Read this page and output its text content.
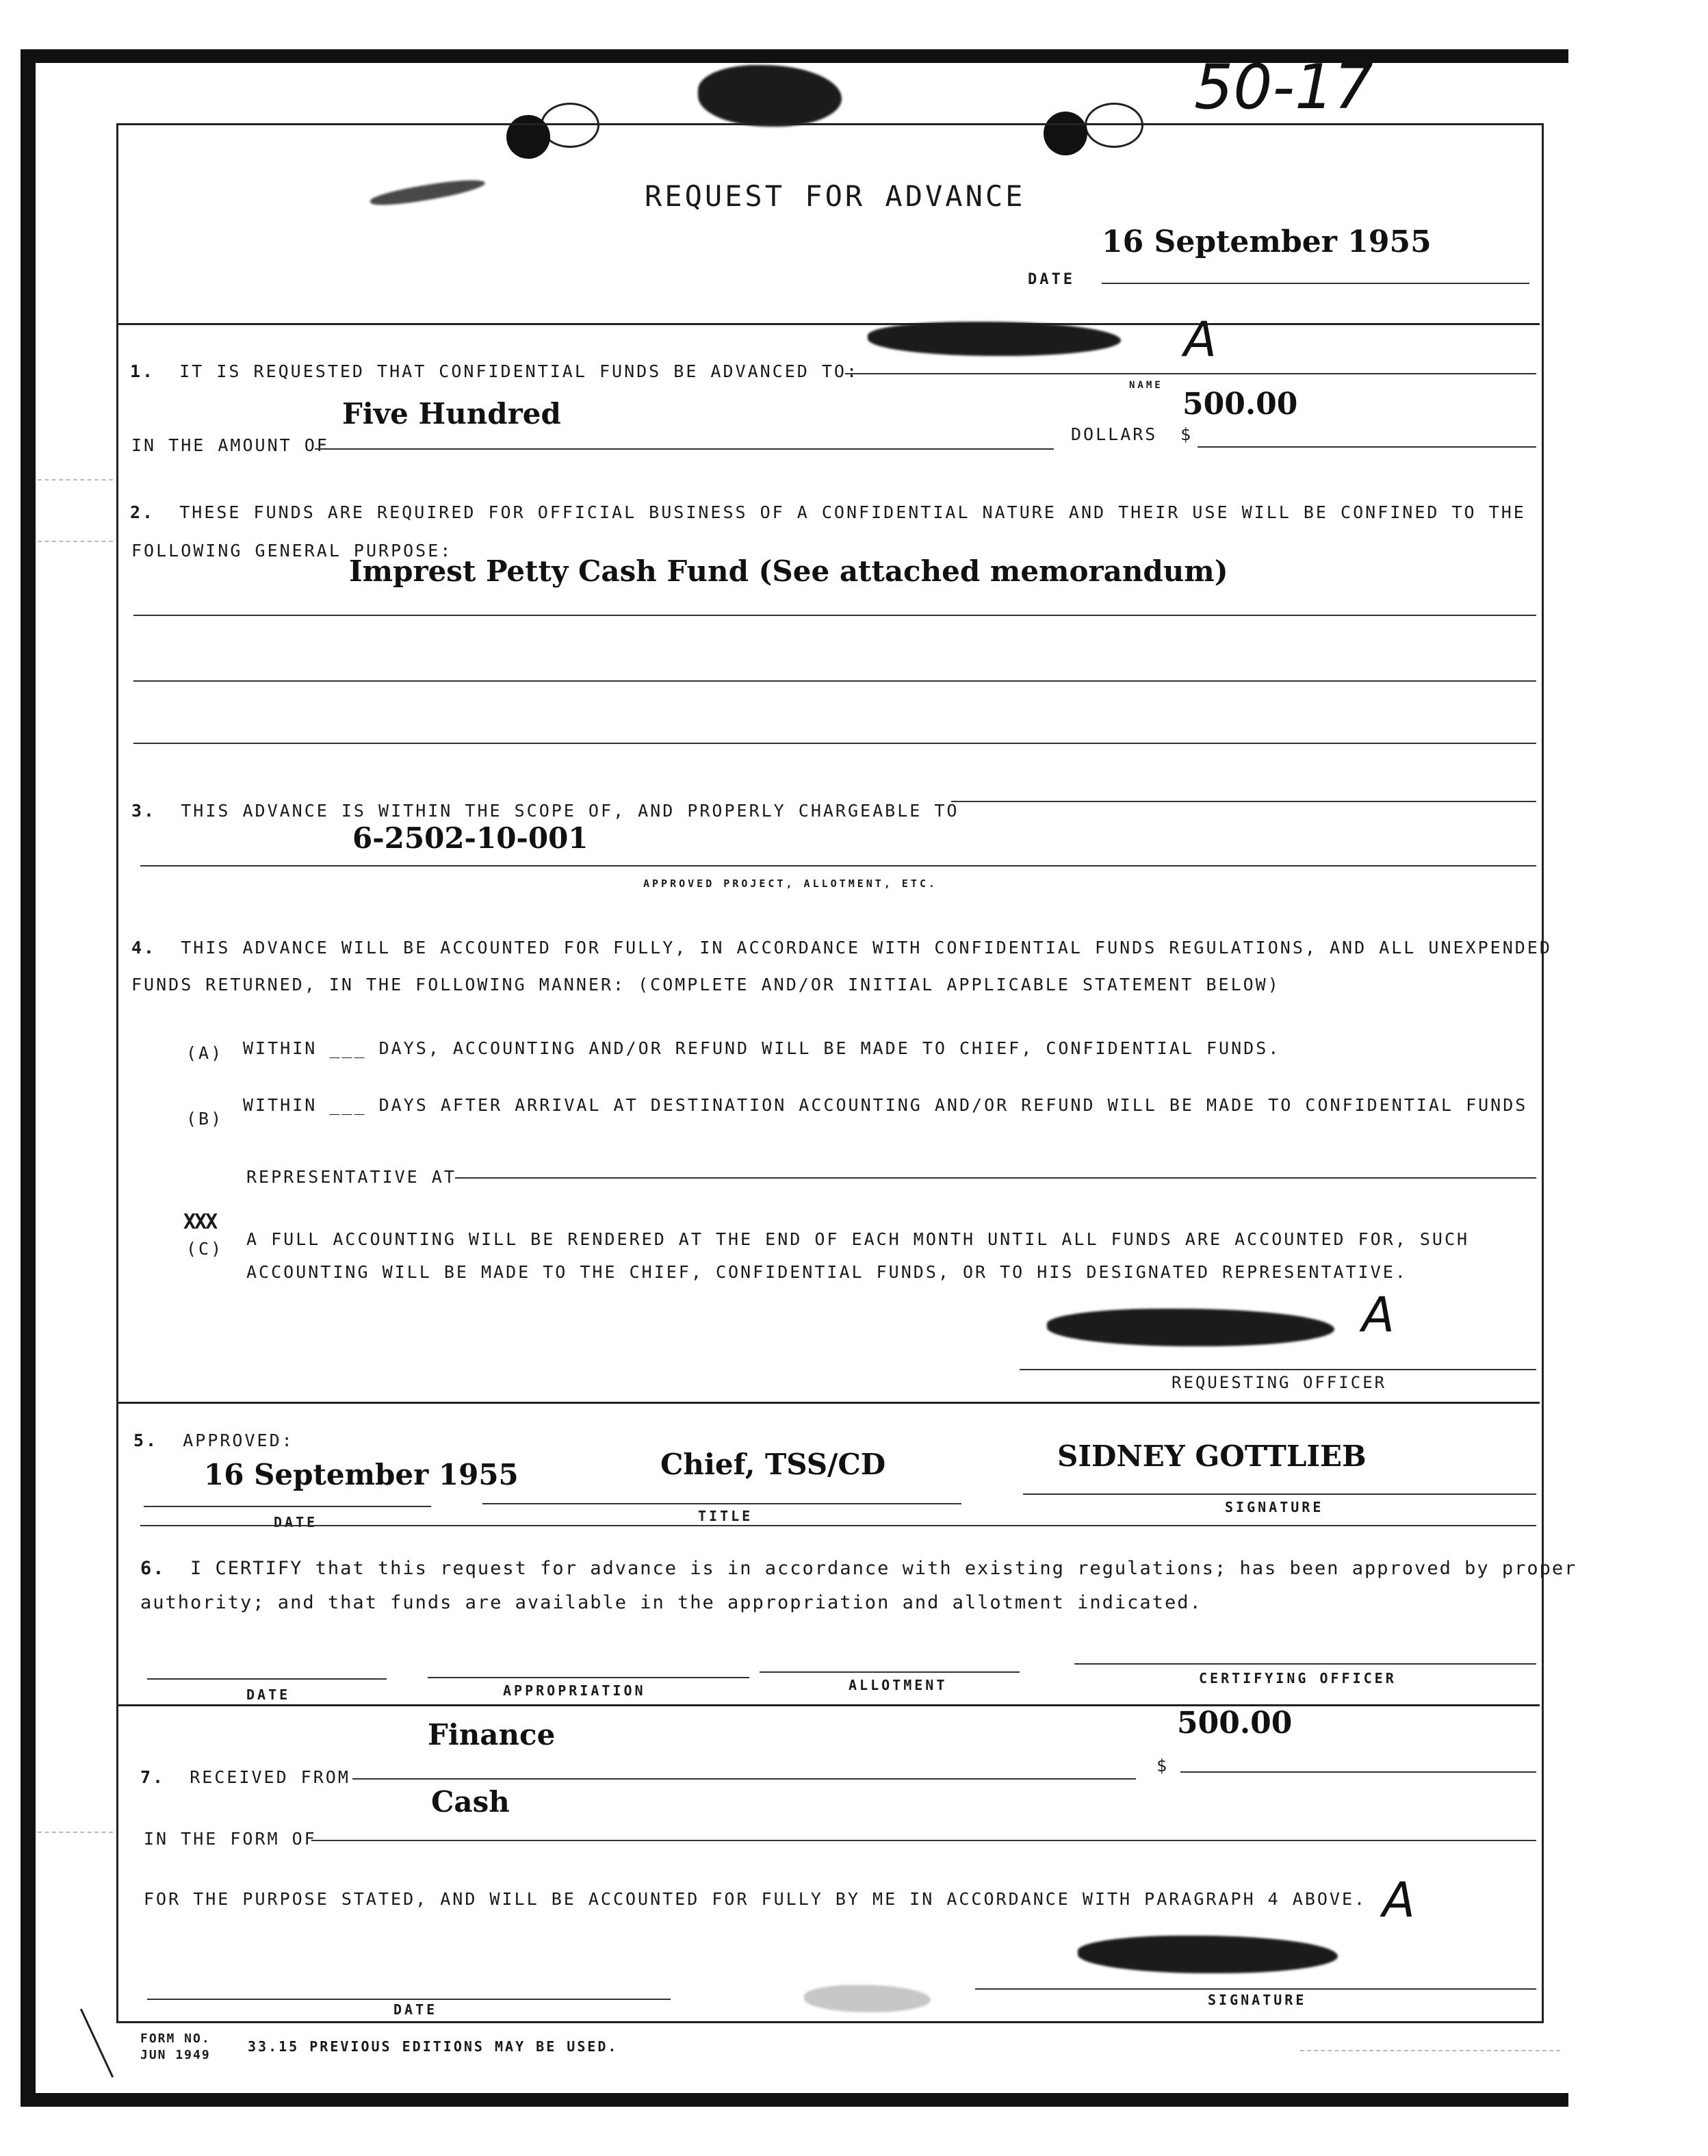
50-17
REQUEST FOR ADVANCE
16 September 1955
DATE
1. IT IS REQUESTED THAT CONFIDENTIAL FUNDS BE ADVANCED TO:
A
NAME
IN THE AMOUNT OF
Five Hundred
DOLLARS $
500.00
2. THESE FUNDS ARE REQUIRED FOR OFFICIAL BUSINESS OF A CONFIDENTIAL NATURE AND THEIR USE WILL BE CONFINED TO THE
FOLLOWING GENERAL PURPOSE:
Imprest Petty Cash Fund (See attached memorandum)
3. THIS ADVANCE IS WITHIN THE SCOPE OF, AND PROPERLY CHARGEABLE TO
6-2502-10-001
APPROVED PROJECT, ALLOTMENT, ETC.
4. THIS ADVANCE WILL BE ACCOUNTED FOR FULLY, IN ACCORDANCE WITH CONFIDENTIAL FUNDS REGULATIONS, AND ALL UNEXPENDED
FUNDS RETURNED, IN THE FOLLOWING MANNER: (COMPLETE AND/OR INITIAL APPLICABLE STATEMENT BELOW)
(A) WITHIN ___ DAYS, ACCOUNTING AND/OR REFUND WILL BE MADE TO CHIEF, CONFIDENTIAL FUNDS.
(B)
WITHIN ___ DAYS AFTER ARRIVAL AT DESTINATION ACCOUNTING AND/OR REFUND WILL BE MADE TO CONFIDENTIAL FUNDS
REPRESENTATIVE AT
XXX
(C) A FULL ACCOUNTING WILL BE RENDERED AT THE END OF EACH MONTH UNTIL ALL FUNDS ARE ACCOUNTED FOR, SUCH
ACCOUNTING WILL BE MADE TO THE CHIEF, CONFIDENTIAL FUNDS, OR TO HIS DESIGNATED REPRESENTATIVE.
A
REQUESTING OFFICER
5. APPROVED:
16 September 1955	Chief, TSS/CD	SIDNEY GOTTLIEB
DATE	TITLE
SIGNATURE
6. I CERTIFY that this request for advance is in accordance with existing regulations; has been approved by proper
authority; and that funds are available in the appropriation and allotment indicated.
DATE	APPROPRIATION	ALLOTMENT	CERTIFYING OFFICER
Finance	500.00
7. RECEIVED FROM
$
Cash
IN THE FORM OF
FOR THE PURPOSE STATED, AND WILL BE ACCOUNTED FOR FULLY BY ME IN ACCORDANCE WITH PARAGRAPH 4 ABOVE. A
DATE
SIGNATURE
FORM NO.
JUN 1949
33.15 PREVIOUS EDITIONS MAY BE USED.
